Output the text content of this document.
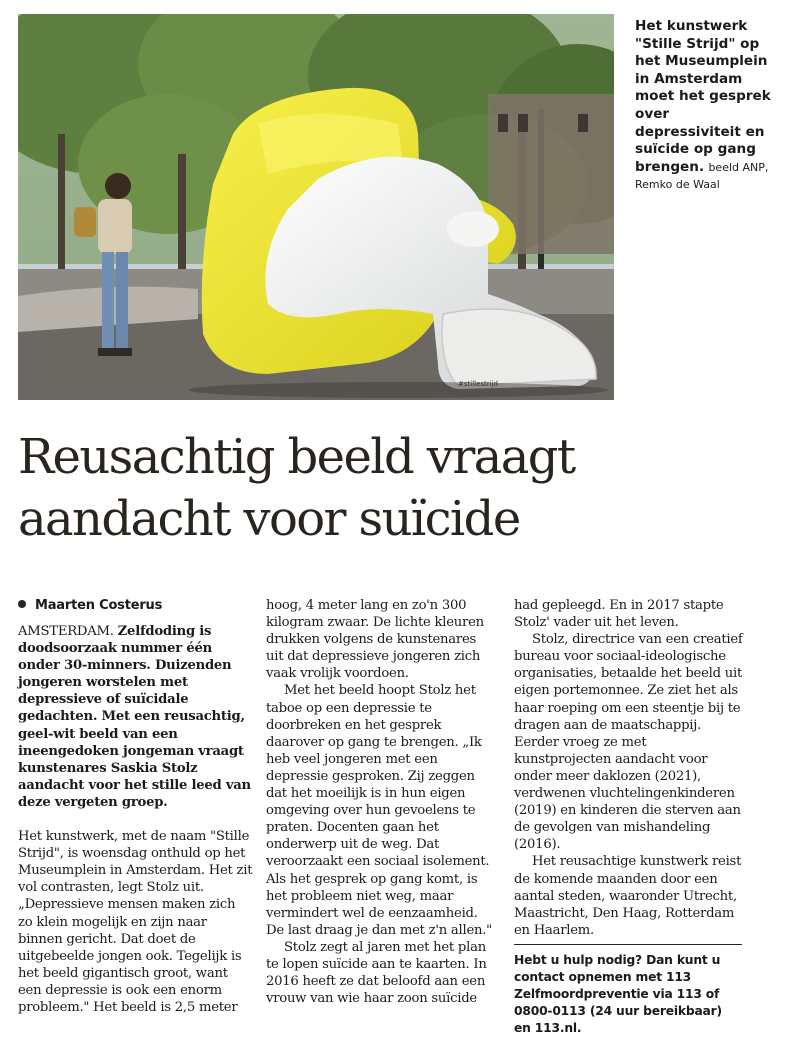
#stillestrijd
Het kunstwerk "Stille Strijd" op het Museumplein in Amsterdam moet het gesprek over depressiviteit en suïcide op gang brengen. beeld ANP, Remko de Waal
Reusachtig beeld vraagt
aandacht voor suïcide

Maarten Costerus

AMSTERDAM. Zelfdoding is doodsoorzaak nummer één onder 30-minners. Duizenden jongeren worstelen met depressieve of suïcidale gedachten. Met een reusachtig, geel-wit beeld van een ineengedoken jongeman vraagt kunstenares Saskia Stolz aandacht voor het stille leed van deze vergeten groep.

Het kunstwerk, met de naam "Stille Strijd", is woensdag onthuld op het Museumplein in Amsterdam. Het zit vol contrasten, legt Stolz uit. „Depressieve mensen maken zich zo klein mogelijk en zijn naar binnen gericht. Dat doet de uitgebeelde jongen ook. Tegelijk is het beeld gigantisch groot, want een depressie is ook een enorm probleem." Het beeld is 2,5 meter

hoog, 4 meter lang en zo'n 300 kilogram zwaar. De lichte kleuren drukken volgens de kunstenares uit dat depressieve jongeren zich vaak vrolijk voordoen.

Met het beeld hoopt Stolz het taboe op een depressie te doorbreken en het gesprek daarover op gang te brengen. „Ik heb veel jongeren met een depressie gesproken. Zij zeggen dat het moeilijk is in hun eigen omgeving over hun gevoelens te praten. Docenten gaan het onderwerp uit de weg. Dat veroorzaakt een sociaal isolement. Als het gesprek op gang komt, is het probleem niet weg, maar vermindert wel de eenzaamheid. De last draag je dan met z'n allen."

Stolz zegt al jaren met het plan te lopen suïcide aan te kaarten. In 2016 heeft ze dat beloofd aan een vrouw van wie haar zoon suïcide

had gepleegd. En in 2017 stapte Stolz' vader uit het leven.

Stolz, directrice van een creatief bureau voor sociaal-ideologische organisaties, betaalde het beeld uit eigen portemonnee. Ze ziet het als haar roeping om een steentje bij te dragen aan de maatschappij. Eerder vroeg ze met kunstprojecten aandacht voor onder meer daklozen (2021), verdwenen vluchtelingenkinderen (2019) en kinderen die sterven aan de gevolgen van mishandeling (2016).

Het reusachtige kunstwerk reist de komende maanden door een aantal steden, waaronder Utrecht, Maastricht, Den Haag, Rotterdam en Haarlem.

Hebt u hulp nodig? Dan kunt u contact opnemen met 113 Zelfmoordpreventie via 113 of 0800-0113 (24 uur bereikbaar) en 113.nl.
